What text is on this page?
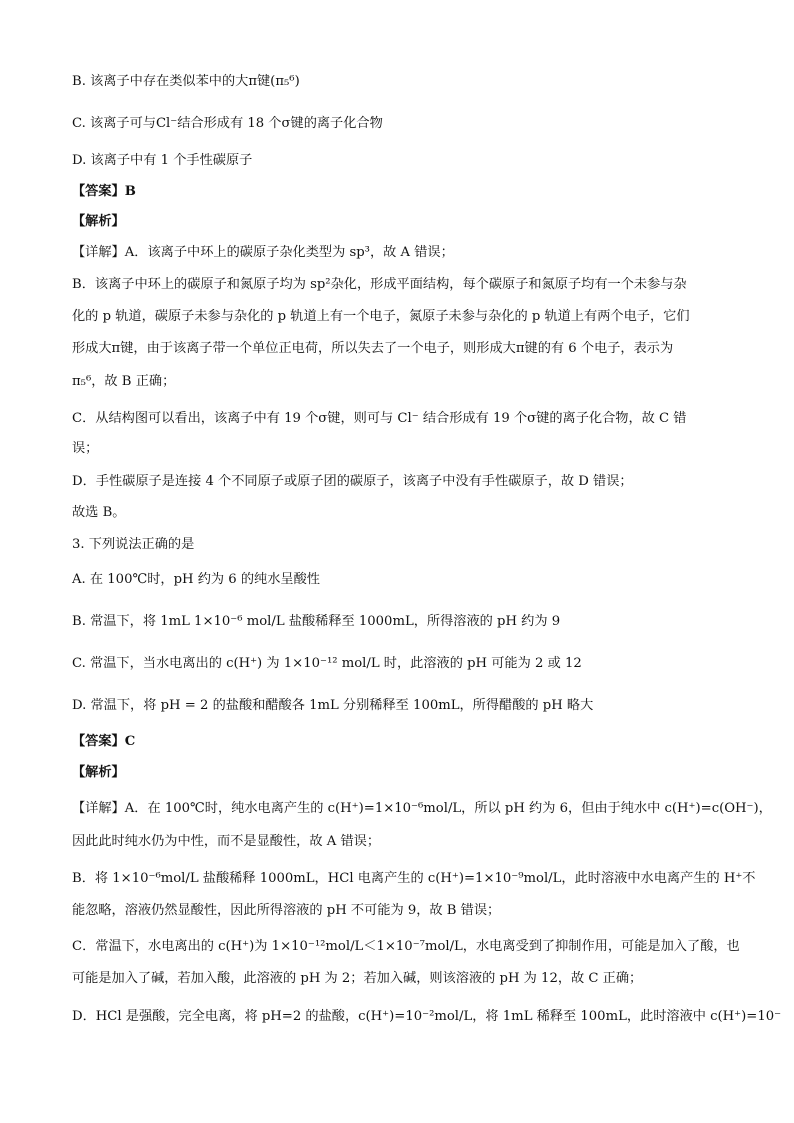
B. 该离子中存在类似苯中的大π键(π₅⁶)
C. 该离子可与Cl⁻结合形成有 18 个σ键的离子化合物
D. 该离子中有 1 个手性碳原子
【答案】B
【解析】
【详解】A．该离子中环上的碳原子杂化类型为 sp³，故 A 错误；
B．该离子中环上的碳原子和氮原子均为 sp²杂化，形成平面结构，每个碳原子和氮原子均有一个未参与杂
化的 p 轨道，碳原子未参与杂化的 p 轨道上有一个电子，氮原子未参与杂化的 p 轨道上有两个电子，它们
形成大π键，由于该离子带一个单位正电荷，所以失去了一个电子，则形成大π键的有 6 个电子，表示为
π₅⁶，故 B 正确；
C．从结构图可以看出，该离子中有 19 个σ键，则可与 Cl⁻ 结合形成有 19 个σ键的离子化合物，故 C 错
误；
D．手性碳原子是连接 4 个不同原子或原子团的碳原子，该离子中没有手性碳原子，故 D 错误；
故选 B。
3. 下列说法正确的是
A. 在 100℃时，pH 约为 6 的纯水呈酸性
B. 常温下，将 1mL 1×10⁻⁶ mol/L 盐酸稀释至 1000mL，所得溶液的 pH 约为 9
C. 常温下，当水电离出的 c(H⁺) 为 1×10⁻¹² mol/L 时，此溶液的 pH 可能为 2 或 12
D. 常温下，将 pH = 2 的盐酸和醋酸各 1mL 分别稀释至 100mL，所得醋酸的 pH 略大
【答案】C
【解析】
【详解】A．在 100℃时，纯水电离产生的 c(H⁺)=1×10⁻⁶mol/L，所以 pH 约为 6，但由于纯水中 c(H⁺)=c(OH⁻)，
因此此时纯水仍为中性，而不是显酸性，故 A 错误；
B．将 1×10⁻⁶mol/L 盐酸稀释 1000mL，HCl 电离产生的 c(H⁺)=1×10⁻⁹mol/L，此时溶液中水电离产生的 H⁺不
能忽略，溶液仍然显酸性，因此所得溶液的 pH 不可能为 9，故 B 错误；
C．常温下，水电离出的 c(H⁺)为 1×10⁻¹²mol/L＜1×10⁻⁷mol/L，水电离受到了抑制作用，可能是加入了酸，也
可能是加入了碱，若加入酸，此溶液的 pH 为 2；若加入碱，则该溶液的 pH 为 12，故 C 正确；
D．HCl 是强酸，完全电离，将 pH=2 的盐酸，c(H⁺)=10⁻²mol/L，将 1mL 稀释至 100mL，此时溶液中 c(H⁺)=10⁻
